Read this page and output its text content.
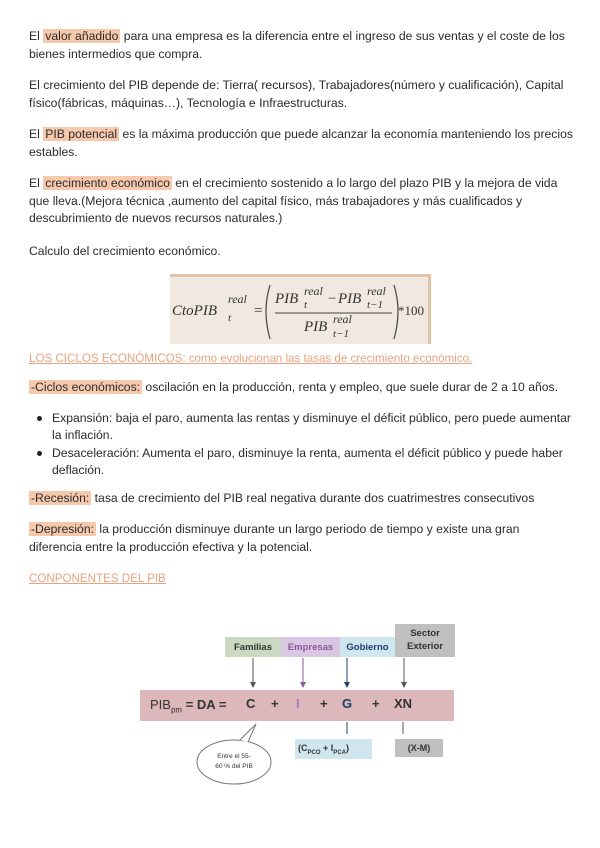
El valor añadido para una empresa es la diferencia entre el ingreso de sus ventas y el coste de los bienes intermedios que compra.

El crecimiento del PIB depende de: Tierra( recursos), Trabajadores(número y cualificación), Capital físico(fábricas, máquinas…), Tecnología e Infraestructuras.

El PIB potencial es la máxima producción que puede alcanzar la economía manteniendo los precios estables.

El crecimiento económico en el crecimiento sostenido a lo largo del plazo PIB y la mejora de vida que lleva.(Mejora técnica ,aumento del capital físico, más trabajadores y más cualificados y descubrimiento de nuevos recursos naturales.)

Calculo del crecimiento económico.

CtoPIB
real
t =
PIB real
t − PIB real
t−1
PIB real
t−1
*100

LOS CICLOS ECONÓMICOS: como evolucionan las tasas de crecimiento económico.

-Ciclos económicos: oscilación en la producción, renta y empleo, que suele durar de 2 a 10 años.

Expansión: baja el paro, aumenta las rentas y disminuye el déficit público, pero puede aumentar la inflación.
Desaceleración: Aumenta el paro, disminuye la renta, aumenta el déficit público y puede haber deflación.

-Recesión: tasa de crecimiento del PIB real negativa durante dos cuatrimestres consecutivos

-Depresión: la producción disminuye durante un largo periodo de tiempo y existe una gran diferencia entre la producción efectiva y la potencial.

CONPONENTES DEL PIB

Familias	Empresas	Gobierno
Sector
Exterior
$PIB_{pm}$ = DA = C + I + G + XN
$(C_{PCO} + I_{PCA})$	(X-M)
Entre el 55-
60 % del PIB
